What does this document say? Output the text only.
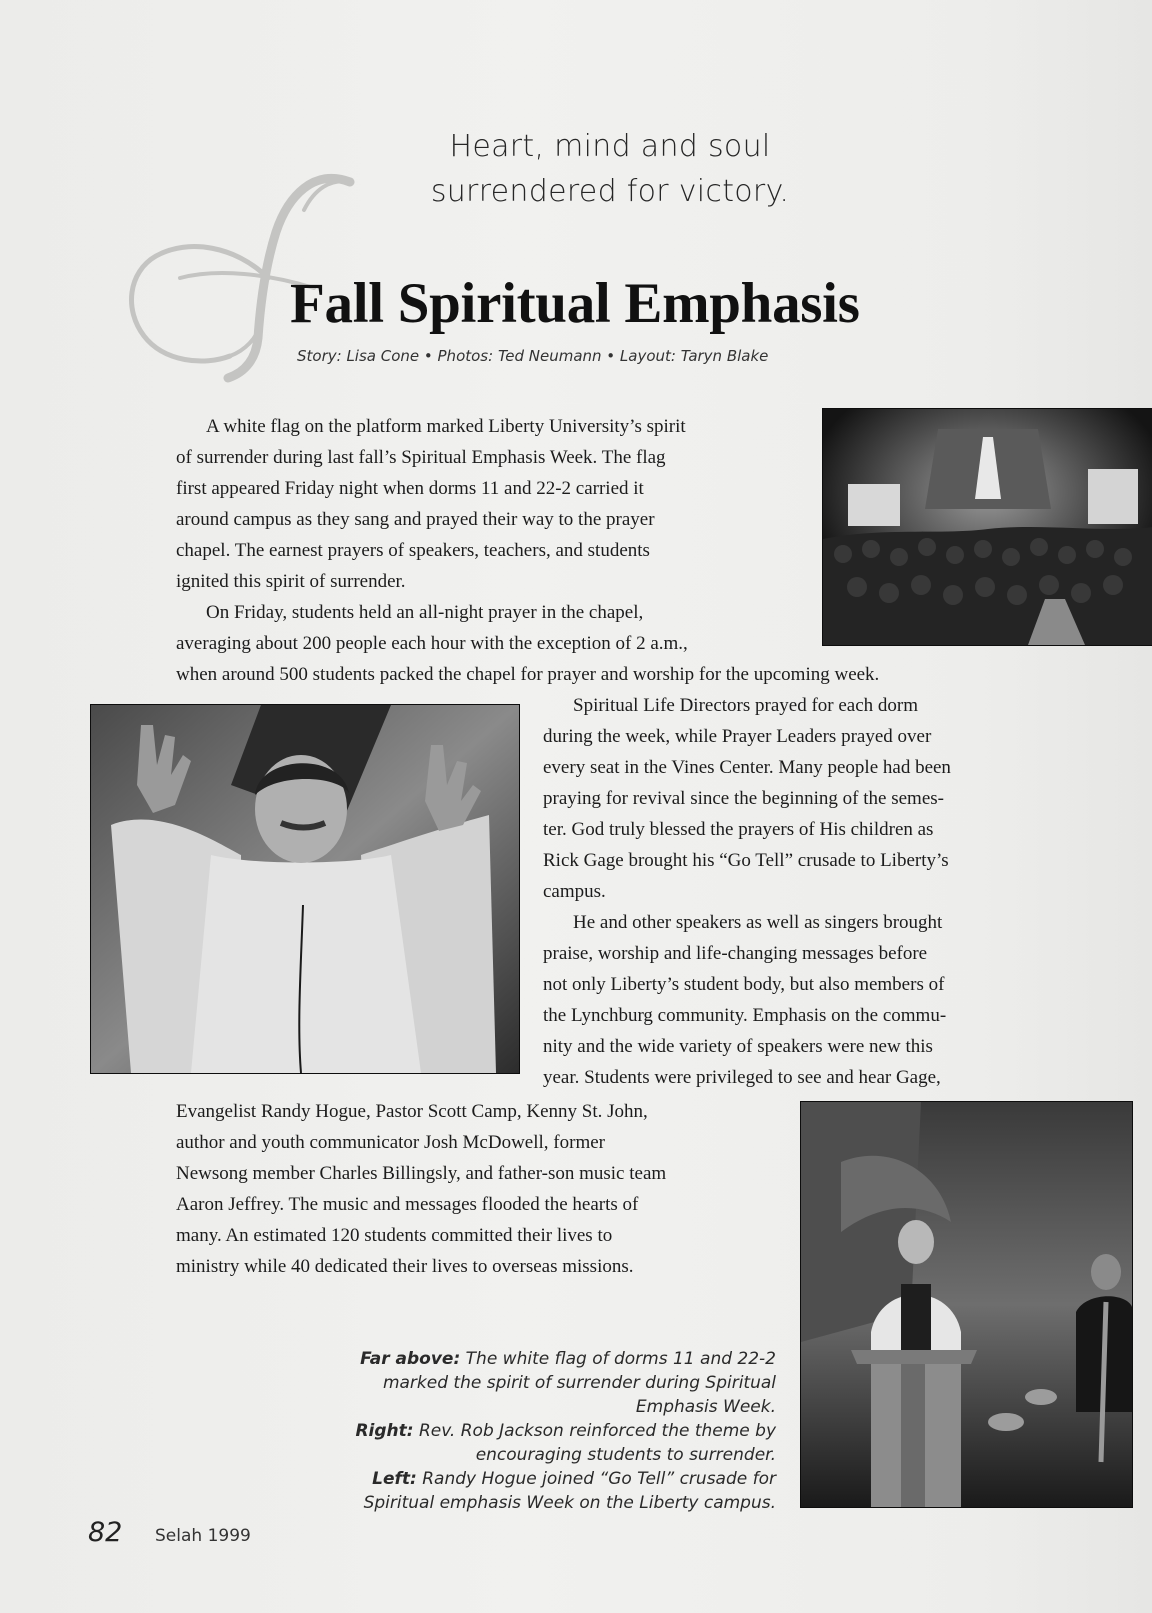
Heart, mind and soul
surrendered for victory.
Fall Spiritual Emphasis
Story: Lisa Cone • Photos: Ted Neumann • Layout: Taryn Blake

A white flag on the platform marked Liberty University’s spirit

of surrender during last fall’s Spiritual Emphasis Week. The flag

first appeared Friday night when dorms 11 and 22-2 carried it

around campus as they sang and prayed their way to the prayer

chapel. The earnest prayers of speakers, teachers, and students

ignited this spirit of surrender.

On Friday, students held an all-night prayer in the chapel,

averaging about 200 people each hour with the exception of 2 a.m.,

when around 500 students packed the chapel for prayer and worship for the upcoming week.

Spiritual Life Directors prayed for each dorm

during the week, while Prayer Leaders prayed over

every seat in the Vines Center. Many people had been

praying for revival since the beginning of the semes-

ter. God truly blessed the prayers of His children as

Rick Gage brought his “Go Tell” crusade to Liberty’s

campus.

He and other speakers as well as singers brought

praise, worship and life-changing messages before

not only Liberty’s student body, but also members of

the Lynchburg community. Emphasis on the commu-

nity and the wide variety of speakers were new this

year. Students were privileged to see and hear Gage,

Evangelist Randy Hogue, Pastor Scott Camp, Kenny St. John,

author and youth communicator Josh McDowell, former

Newsong member Charles Billingsly, and father-son music team

Aaron Jeffrey. The music and messages flooded the hearts of

many. An estimated 120 students committed their lives to

ministry while 40 dedicated their lives to overseas missions.

Far above: The white flag of dorms 11 and 22-2 marked the spirit of surrender during Spiritual Emphasis Week.

Right: Rev. Rob Jackson reinforced the theme by encouraging students to surrender.

Left: Randy Hogue joined “Go Tell” crusade for Spiritual emphasis Week on the Liberty campus.

82 Selah 1999
